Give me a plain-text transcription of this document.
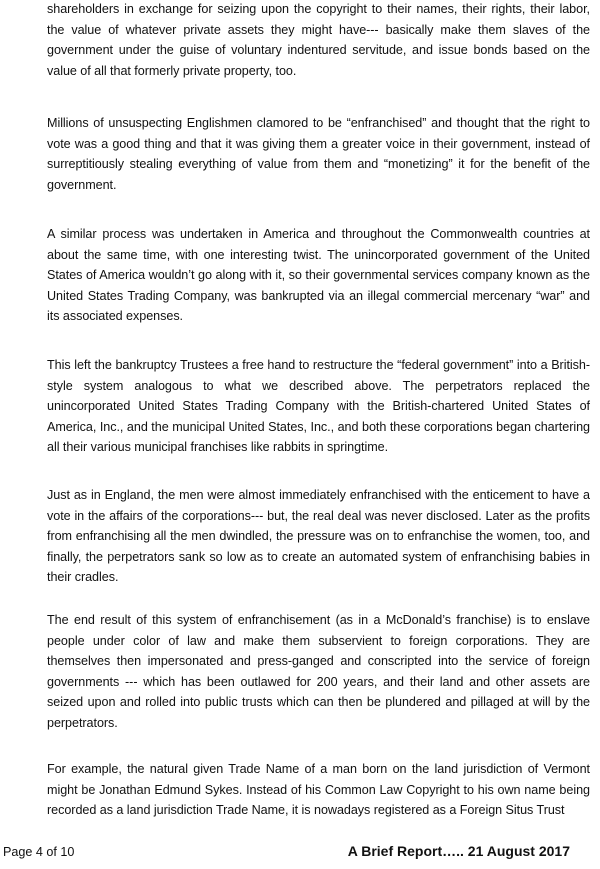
shareholders in exchange for seizing upon the copyright to their names, their rights, their labor, the value of whatever private assets they might have--- basically make them slaves of the government under the guise of voluntary indentured servitude, and issue bonds based on the value of all that formerly private property, too.

Millions of unsuspecting Englishmen clamored to be “enfranchised” and thought that the right to vote was a good thing and that it was giving them a greater voice in their government, instead of surreptitiously stealing everything of value from them and “monetizing” it for the benefit of the government.

A similar process was undertaken in America and throughout the Commonwealth countries at about the same time, with one interesting twist. The unincorporated government of the United States of America wouldn’t go along with it, so their governmental services company known as the United States Trading Company, was bankrupted via an illegal commercial mercenary “war” and its associated expenses.

This left the bankruptcy Trustees a free hand to restructure the “federal government” into a British-style system analogous to what we described above. The perpetrators replaced the unincorporated United States Trading Company with the British-chartered United States of America, Inc., and the municipal United States, Inc., and both these corporations began chartering all their various municipal franchises like rabbits in springtime.

Just as in England, the men were almost immediately enfranchised with the enticement to have a vote in the affairs of the corporations--- but, the real deal was never disclosed. Later as the profits from enfranchising all the men dwindled, the pressure was on to enfranchise the women, too, and finally, the perpetrators sank so low as to create an automated system of enfranchising babies in their cradles.

The end result of this system of enfranchisement (as in a McDonald’s franchise) is to enslave people under color of law and make them subservient to foreign corporations. They are themselves then impersonated and press-ganged and conscripted into the service of foreign governments --- which has been outlawed for 200 years, and their land and other assets are seized upon and rolled into public trusts which can then be plundered and pillaged at will by the perpetrators.

For example, the natural given Trade Name of a man born on the land jurisdiction of Vermont might be Jonathan Edmund Sykes. Instead of his Common Law Copyright to his own name being recorded as a land jurisdiction Trade Name, it is nowadays registered as a Foreign Situs Trust

Page 4 of 10	A Brief Report….. 21 August 2017
